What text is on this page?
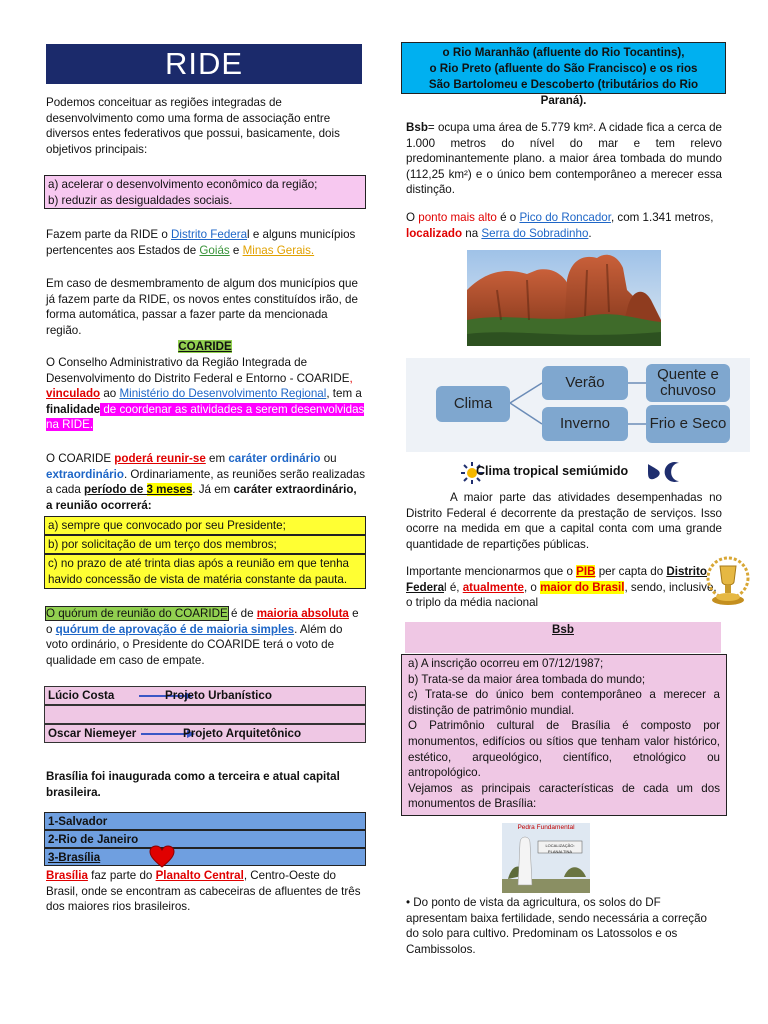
RIDE

Podemos conceituar as regiões integradas de desenvolvimento como uma forma de associação entre diversos entes federativos que possui, basicamente, dois objetivos principais:

a) acelerar o desenvolvimento econômico da região;
b) reduzir as desigualdades sociais.

Fazem parte da RIDE o Distrito Federal e alguns municípios pertencentes aos Estados de Goiás e Minas Gerais.

Em caso de desmembramento de algum dos municípios que já fazem parte da RIDE, os novos entes constituídos irão, de forma automática, passar a fazer parte da mencionada região.

COARIDE

O Conselho Administrativo da Região Integrada de Desenvolvimento do Distrito Federal e Entorno - COARIDE, vinculado ao Ministério do Desenvolvimento Regional, tem a finalidade de coordenar as atividades a serem desenvolvidas na RIDE.

O COARIDE poderá reunir-se em caráter ordinário ou extraordinário. Ordinariamente, as reuniões serão realizadas a cada período de 3 meses. Já em caráter extraordinário, a reunião ocorrerá:

a) sempre que convocado por seu Presidente;
b) por solicitação de um terço dos membros;
c) no prazo de até trinta dias após a reunião em que tenha havido concessão de vista de matéria constante da pauta.

O quórum de reunião do COARIDE é de maioria absoluta e o quórum de aprovação é de maioria simples. Além do voto ordinário, o Presidente do COARIDE terá o voto de qualidade em caso de empate.

Lúcio Costa	Projeto Urbanístico
Oscar Niemeyer	Projeto Arquitetônico

Brasília foi inaugurada como a terceira e atual capital brasileira.

1-Salvador
2-Rio de Janeiro
3-Brasília

Brasília faz parte do Planalto Central, Centro-Oeste do Brasil, onde se encontram as cabeceiras de afluentes de três dos maiores rios brasileiros.

o Rio Maranhão (afluente do Rio Tocantins),
o Rio Preto (afluente do São Francisco) e os rios
São Bartolomeu e Descoberto (tributários do Rio Paraná).

Bsb= ocupa uma área de 5.779 km². A cidade fica a cerca de 1.000 metros do nível do mar e tem relevo predominantemente plano. a maior área tombada do mundo (112,25 km²) e o único bem contemporâneo a merecer essa distinção.

O ponto mais alto é o Pico do Roncador, com 1.341 metros, localizado na Serra do Sobradinho.

Clima
Verão
Inverno
Quente e chuvoso
Frio e Seco
Clima tropical semiúmido

A maior parte das atividades desempenhadas no Distrito Federal é decorrente da prestação de serviços. Isso ocorre na medida em que a capital conta com uma grande quantidade de repartições públicas.

Importante mencionarmos que o PIB per capta do Distrito Federal é, atualmente, o maior do Brasil, sendo, inclusive, o triplo da média nacional

Bsb
a) A inscrição ocorreu em 07/12/1987;
b) Trata-se da maior área tombada do mundo;
c) Trata-se do único bem contemporâneo a merecer a distinção de patrimônio mundial.
O Patrimônio cultural de Brasília é composto por monumentos, edifícios ou sítios que tenham valor histórico, estético, arqueológico, científico, etnológico ou antropológico.
Vejamos as principais características de cada um dos monumentos de Brasília:
Pedra Fundamental
LOCALIZAÇÃO: PLANALTINA

• Do ponto de vista da agricultura, os solos do DF apresentam baixa fertilidade, sendo necessária a correção do solo para cultivo. Predominam os Latossolos e os Cambissolos.
